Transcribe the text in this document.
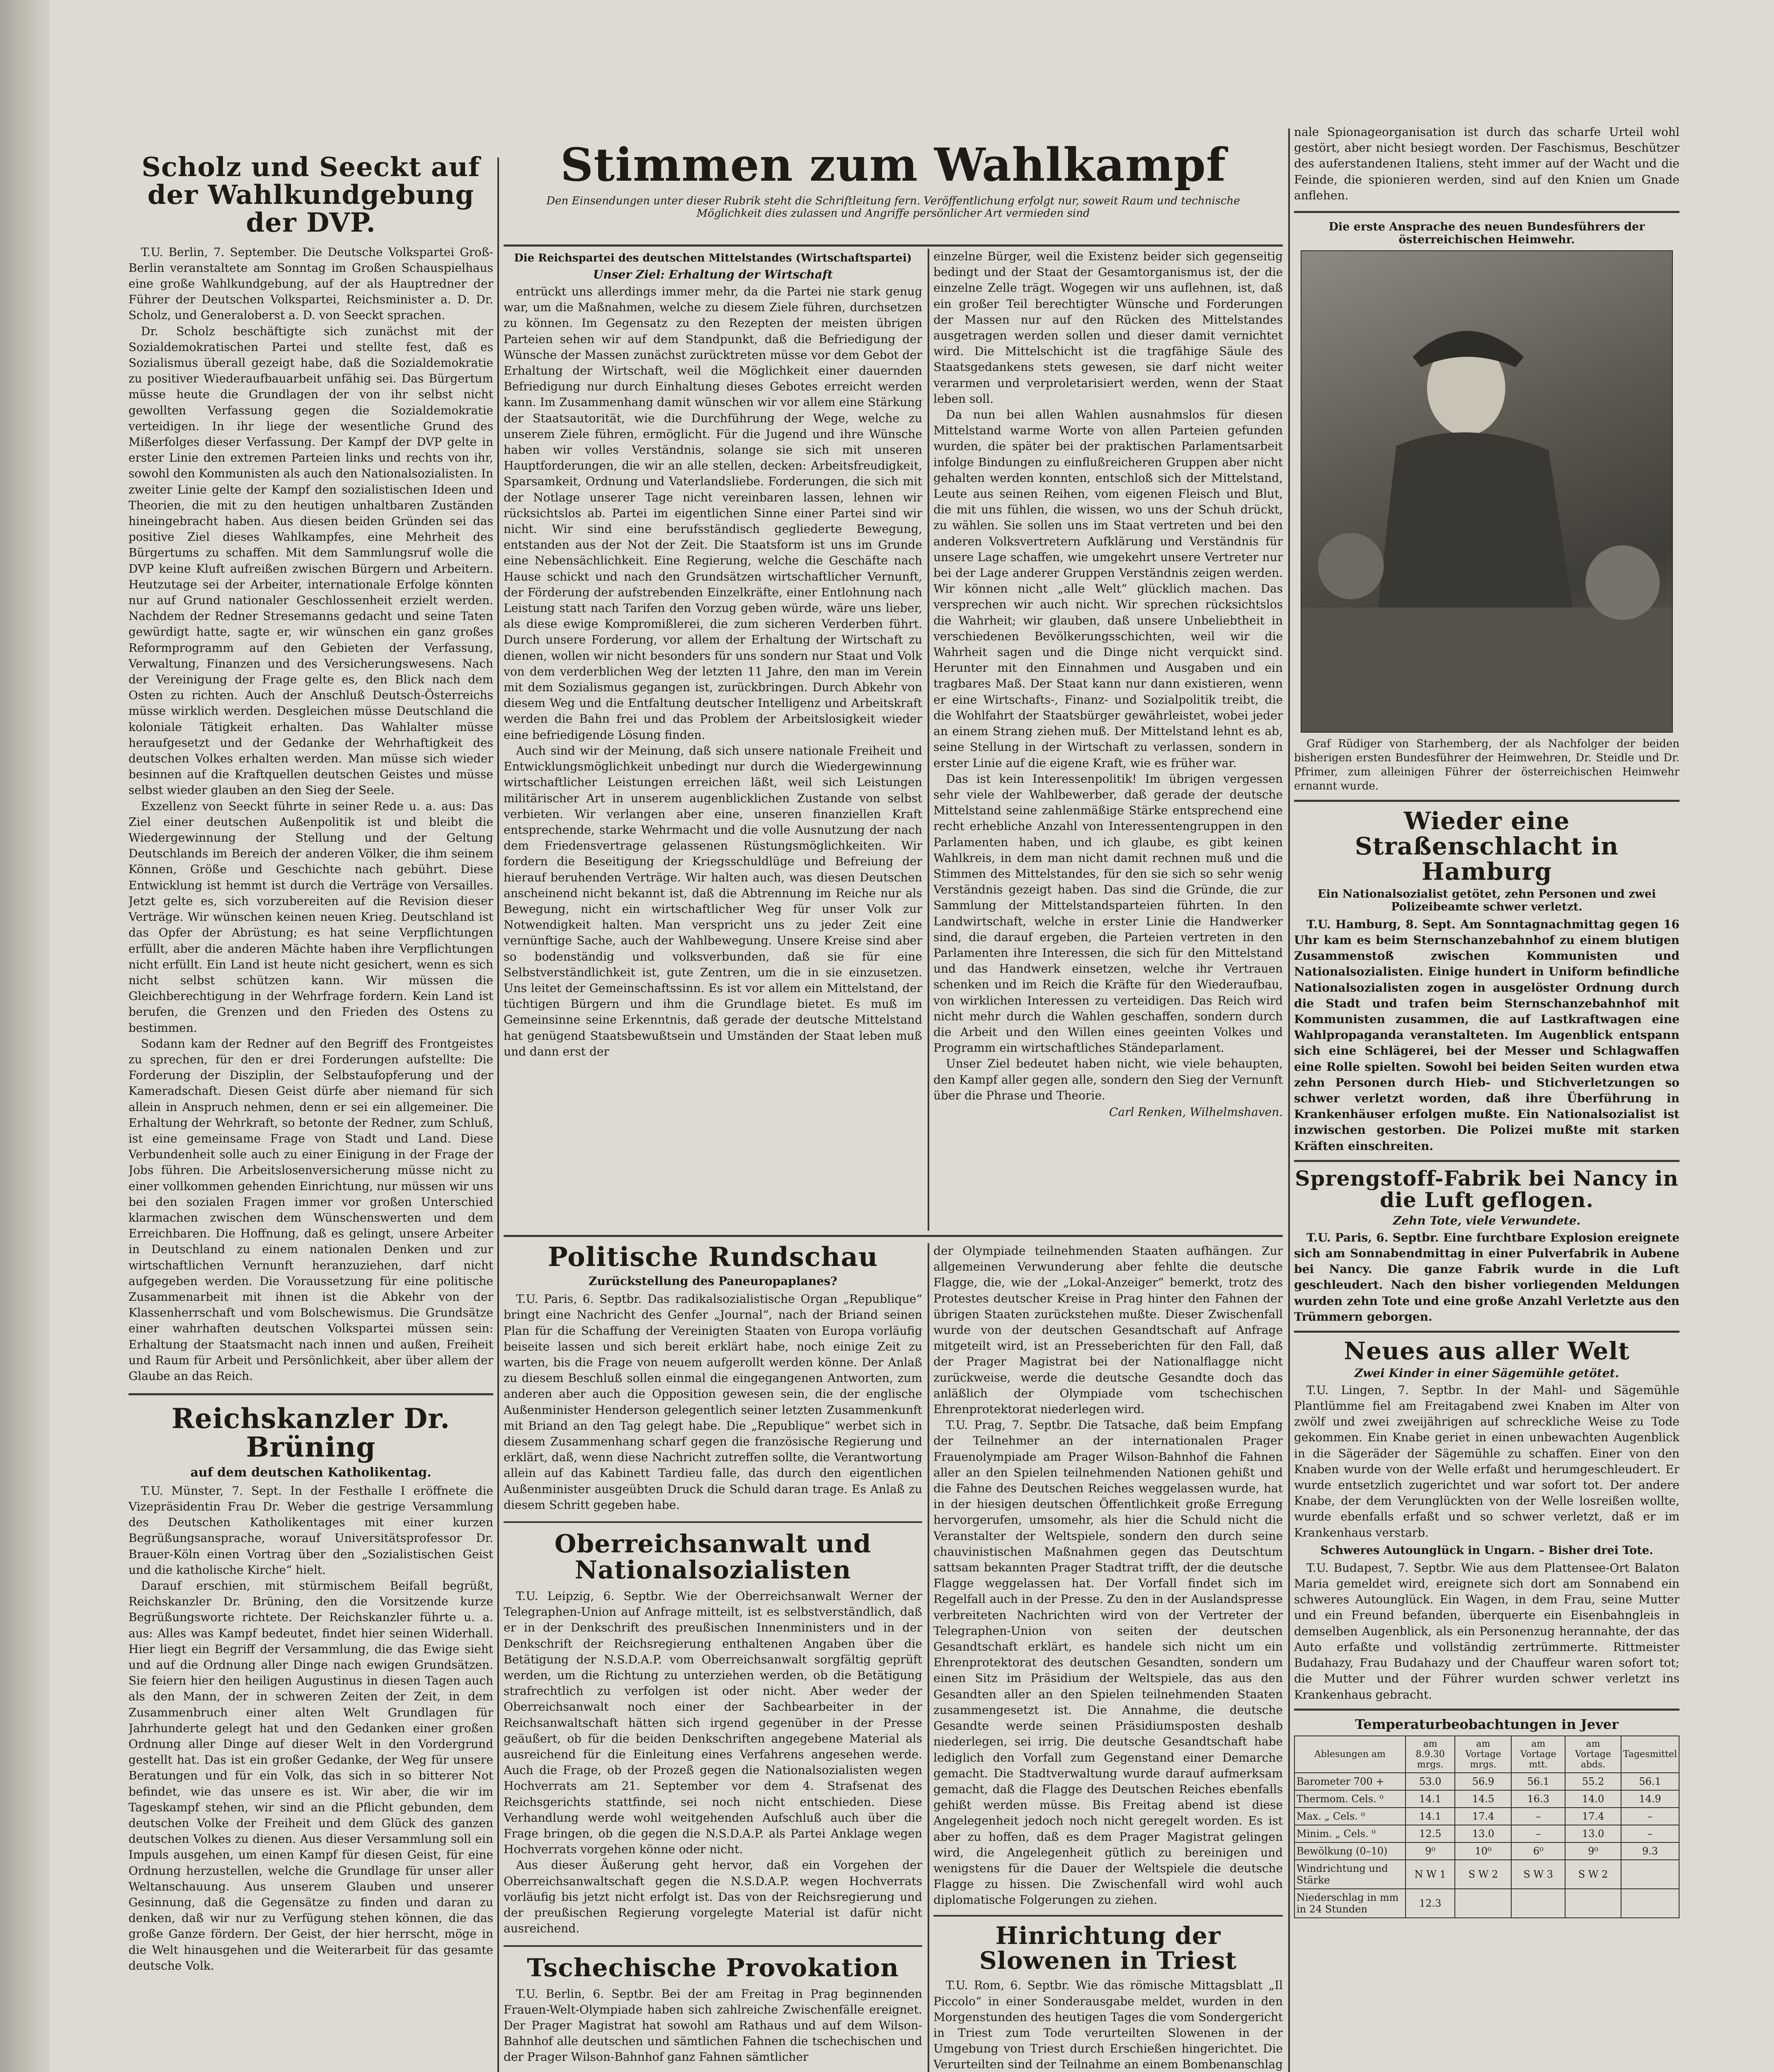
Scholz und Seeckt auf der Wahlkundgebung der DVP.

T.U. Berlin, 7. September. Die Deutsche Volkspartei Groß-Berlin veranstaltete am Sonntag im Großen Schauspielhaus eine große Wahlkundgebung, auf der als Hauptredner der Führer der Deutschen Volkspartei, Reichsminister a. D. Dr. Scholz, und Generaloberst a. D. von Seeckt sprachen.

Dr. Scholz beschäftigte sich zunächst mit der Sozialdemokratischen Partei und stellte fest, daß es Sozialismus überall gezeigt habe, daß die Sozialdemokratie zu positiver Wiederaufbauarbeit unfähig sei. Das Bürgertum müsse heute die Grundlagen der von ihr selbst nicht gewollten Verfassung gegen die Sozialdemokratie verteidigen. In ihr liege der wesentliche Grund des Mißerfolges dieser Verfassung. Der Kampf der DVP gelte in erster Linie den extremen Parteien links und rechts von ihr, sowohl den Kommunisten als auch den Nationalsozialisten. In zweiter Linie gelte der Kampf den sozialistischen Ideen und Theorien, die mit zu den heutigen unhaltbaren Zuständen hineingebracht haben. Aus diesen beiden Gründen sei das positive Ziel dieses Wahlkampfes, eine Mehrheit des Bürgertums zu schaffen. Mit dem Sammlungsruf wolle die DVP keine Kluft aufreißen zwischen Bürgern und Arbeitern. Heutzutage sei der Arbeiter, internationale Erfolge könnten nur auf Grund nationaler Geschlossenheit erzielt werden. Nachdem der Redner Stresemanns gedacht und seine Taten gewürdigt hatte, sagte er, wir wünschen ein ganz großes Reformprogramm auf den Gebieten der Verfassung, Verwaltung, Finanzen und des Versicherungswesens. Nach der Vereinigung der Frage gelte es, den Blick nach dem Osten zu richten. Auch der Anschluß Deutsch-Österreichs müsse wirklich werden. Desgleichen müsse Deutschland die koloniale Tätigkeit erhalten. Das Wahlalter müsse heraufgesetzt und der Gedanke der Wehrhaftigkeit des deutschen Volkes erhalten werden. Man müsse sich wieder besinnen auf die Kraftquellen deutschen Geistes und müsse selbst wieder glauben an den Sieg der Seele.

Exzellenz von Seeckt führte in seiner Rede u. a. aus: Das Ziel einer deutschen Außenpolitik ist und bleibt die Wiedergewinnung der Stellung und der Geltung Deutschlands im Bereich der anderen Völker, die ihm seinem Können, Größe und Geschichte nach gebührt. Diese Entwicklung ist hemmt ist durch die Verträge von Versailles. Jetzt gelte es, sich vorzubereiten auf die Revision dieser Verträge. Wir wünschen keinen neuen Krieg. Deutschland ist das Opfer der Abrüstung; es hat seine Verpflichtungen erfüllt, aber die anderen Mächte haben ihre Verpflichtungen nicht erfüllt. Ein Land ist heute nicht gesichert, wenn es sich nicht selbst schützen kann. Wir müssen die Gleichberechtigung in der Wehrfrage fordern. Kein Land ist berufen, die Grenzen und den Frieden des Ostens zu bestimmen.

Sodann kam der Redner auf den Begriff des Frontgeistes zu sprechen, für den er drei Forderungen aufstellte: Die Forderung der Disziplin, der Selbstaufopferung und der Kameradschaft. Diesen Geist dürfe aber niemand für sich allein in Anspruch nehmen, denn er sei ein allgemeiner. Die Erhaltung der Wehrkraft, so betonte der Redner, zum Schluß, ist eine gemeinsame Frage von Stadt und Land. Diese Verbundenheit solle auch zu einer Einigung in der Frage der Jobs führen. Die Arbeitslosenversicherung müsse nicht zu einer vollkommen gehenden Einrichtung, nur müssen wir uns bei den sozialen Fragen immer vor großen Unterschied klarmachen zwischen dem Wünschenswerten und dem Erreichbaren. Die Hoffnung, daß es gelingt, unsere Arbeiter in Deutschland zu einem nationalen Denken und zur wirtschaftlichen Vernunft heranzuziehen, darf nicht aufgegeben werden. Die Voraussetzung für eine politische Zusammenarbeit mit ihnen ist die Abkehr von der Klassenherrschaft und vom Bolschewismus. Die Grundsätze einer wahrhaften deutschen Volkspartei müssen sein: Erhaltung der Staatsmacht nach innen und außen, Freiheit und Raum für Arbeit und Persönlichkeit, aber über allem der Glaube an das Reich.

Reichskanzler Dr. Brüning
auf dem deutschen Katholikentag.

T.U. Münster, 7. Sept. In der Festhalle I eröffnete die Vizepräsidentin Frau Dr. Weber die gestrige Versammlung des Deutschen Katholikentages mit einer kurzen Begrüßungsansprache, worauf Universitätsprofessor Dr. Brauer-Köln einen Vortrag über den „Sozialistischen Geist und die katholische Kirche“ hielt.

Darauf erschien, mit stürmischem Beifall begrüßt, Reichskanzler Dr. Brüning, den die Vorsitzende kurze Begrüßungsworte richtete. Der Reichskanzler führte u. a. aus: Alles was Kampf bedeutet, findet hier seinen Widerhall. Hier liegt ein Begriff der Versammlung, die das Ewige sieht und auf die Ordnung aller Dinge nach ewigen Grundsätzen. Sie feiern hier den heiligen Augustinus in diesen Tagen auch als den Mann, der in schweren Zeiten der Zeit, in dem Zusammenbruch einer alten Welt Grundlagen für Jahrhunderte gelegt hat und den Gedanken einer großen Ordnung aller Dinge auf dieser Welt in den Vordergrund gestellt hat. Das ist ein großer Gedanke, der Weg für unsere Beratungen und für ein Volk, das sich in so bitterer Not befindet, wie das unsere es ist. Wir aber, die wir im Tageskampf stehen, wir sind an die Pflicht gebunden, dem deutschen Volke der Freiheit und dem Glück des ganzen deutschen Volkes zu dienen. Aus dieser Versammlung soll ein Impuls ausgehen, um einen Kampf für diesen Geist, für eine Ordnung herzustellen, welche die Grundlage für unser aller Weltanschauung. Aus unserem Glauben und unserer Gesinnung, daß die Gegensätze zu finden und daran zu denken, daß wir nur zu Verfügung stehen können, die das große Ganze fördern. Der Geist, der hier herrscht, möge in die Welt hinausgehen und die Weiterarbeit für das gesamte deutsche Volk.

Stimmen zum Wahlkampf
Den Einsendungen unter dieser Rubrik steht die Schriftleitung fern. Veröffentlichung erfolgt nur, soweit Raum und technische Möglichkeit dies zulassen und Angriffe persönlicher Art vermieden sind
Die Reichspartei des deutschen Mittelstandes (Wirtschaftspartei)
Unser Ziel: Erhaltung der Wirtschaft

entrückt uns allerdings immer mehr, da die Partei nie stark genug war, um die Maßnahmen, welche zu diesem Ziele führen, durchsetzen zu können. Im Gegensatz zu den Rezepten der meisten übrigen Parteien sehen wir auf dem Standpunkt, daß die Befriedigung der Wünsche der Massen zunächst zurücktreten müsse vor dem Gebot der Erhaltung der Wirtschaft, weil die Möglichkeit einer dauernden Befriedigung nur durch Einhaltung dieses Gebotes erreicht werden kann. Im Zusammenhang damit wünschen wir vor allem eine Stärkung der Staatsautorität, wie die Durchführung der Wege, welche zu unserem Ziele führen, ermöglicht. Für die Jugend und ihre Wünsche haben wir volles Verständnis, solange sie sich mit unseren Hauptforderungen, die wir an alle stellen, decken: Arbeitsfreudigkeit, Sparsamkeit, Ordnung und Vaterlandsliebe. Forderungen, die sich mit der Notlage unserer Tage nicht vereinbaren lassen, lehnen wir rücksichtslos ab. Partei im eigentlichen Sinne einer Partei sind wir nicht. Wir sind eine berufsständisch gegliederte Bewegung, entstanden aus der Not der Zeit. Die Staatsform ist uns im Grunde eine Nebensächlichkeit. Eine Regierung, welche die Geschäfte nach Hause schickt und nach den Grundsätzen wirtschaftlicher Vernunft, der Förderung der aufstrebenden Einzelkräfte, einer Entlohnung nach Leistung statt nach Tarifen den Vorzug geben würde, wäre uns lieber, als diese ewige Kompromißlerei, die zum sicheren Verderben führt. Durch unsere Forderung, vor allem der Erhaltung der Wirtschaft zu dienen, wollen wir nicht besonders für uns sondern nur Staat und Volk von dem verderblichen Weg der letzten 11 Jahre, den man im Verein mit dem Sozialismus gegangen ist, zurückbringen. Durch Abkehr von diesem Weg und die Entfaltung deutscher Intelligenz und Arbeitskraft werden die Bahn frei und das Problem der Arbeitslosigkeit wieder eine befriedigende Lösung finden.

Auch sind wir der Meinung, daß sich unsere nationale Freiheit und Entwicklungsmöglichkeit unbedingt nur durch die Wiedergewinnung wirtschaftlicher Leistungen erreichen läßt, weil sich Leistungen militärischer Art in unserem augenblicklichen Zustande von selbst verbieten. Wir verlangen aber eine, unseren finanziellen Kraft entsprechende, starke Wehrmacht und die volle Ausnutzung der nach dem Friedensvertrage gelassenen Rüstungsmöglichkeiten. Wir fordern die Beseitigung der Kriegsschuldlüge und Befreiung der hierauf beruhenden Verträge. Wir halten auch, was diesen Deutschen anscheinend nicht bekannt ist, daß die Abtrennung im Reiche nur als Bewegung, nicht ein wirtschaftlicher Weg für unser Volk zur Notwendigkeit halten. Man verspricht uns zu jeder Zeit eine vernünftige Sache, auch der Wahlbewegung. Unsere Kreise sind aber so bodenständig und volksverbunden, daß sie für eine Selbstverständlichkeit ist, gute Zentren, um die in sie einzusetzen. Uns leitet der Gemeinschaftssinn. Es ist vor allem ein Mittelstand, der tüchtigen Bürgern und ihm die Grundlage bietet. Es muß im Gemeinsinne seine Erkenntnis, daß gerade der deutsche Mittelstand hat genügend Staatsbewußtsein und Umständen der Staat leben muß und dann erst der

einzelne Bürger, weil die Existenz beider sich gegenseitig bedingt und der Staat der Gesamtorganismus ist, der die einzelne Zelle trägt. Wogegen wir uns auflehnen, ist, daß ein großer Teil berechtigter Wünsche und Forderungen der Massen nur auf den Rücken des Mittelstandes ausgetragen werden sollen und dieser damit vernichtet wird. Die Mittelschicht ist die tragfähige Säule des Staatsgedankens stets gewesen, sie darf nicht weiter verarmen und verproletarisiert werden, wenn der Staat leben soll.

Da nun bei allen Wahlen ausnahmslos für diesen Mittelstand warme Worte von allen Parteien gefunden wurden, die später bei der praktischen Parlamentsarbeit infolge Bindungen zu einflußreicheren Gruppen aber nicht gehalten werden konnten, entschloß sich der Mittelstand, Leute aus seinen Reihen, vom eigenen Fleisch und Blut, die mit uns fühlen, die wissen, wo uns der Schuh drückt, zu wählen. Sie sollen uns im Staat vertreten und bei den anderen Volksvertretern Aufklärung und Verständnis für unsere Lage schaffen, wie umgekehrt unsere Vertreter nur bei der Lage anderer Gruppen Verständnis zeigen werden. Wir können nicht „alle Welt“ glücklich machen. Das versprechen wir auch nicht. Wir sprechen rücksichtslos die Wahrheit; wir glauben, daß unsere Unbeliebtheit in verschiedenen Bevölkerungsschichten, weil wir die Wahrheit sagen und die Dinge nicht verquickt sind. Herunter mit den Einnahmen und Ausgaben und ein tragbares Maß. Der Staat kann nur dann existieren, wenn er eine Wirtschafts-, Finanz- und Sozialpolitik treibt, die die Wohlfahrt der Staatsbürger gewährleistet, wobei jeder an einem Strang ziehen muß. Der Mittelstand lehnt es ab, seine Stellung in der Wirtschaft zu verlassen, sondern in erster Linie auf die eigene Kraft, wie es früher war.

Das ist kein Interessenpolitik! Im übrigen vergessen sehr viele der Wahlbewerber, daß gerade der deutsche Mittelstand seine zahlenmäßige Stärke entsprechend eine recht erhebliche Anzahl von Interessentengruppen in den Parlamenten haben, und ich glaube, es gibt keinen Wahlkreis, in dem man nicht damit rechnen muß und die Stimmen des Mittelstandes, für den sie sich so sehr wenig Verständnis gezeigt haben. Das sind die Gründe, die zur Sammlung der Mittelstandsparteien führten. In den Landwirtschaft, welche in erster Linie die Handwerker sind, die darauf ergeben, die Parteien vertreten in den Parlamenten ihre Interessen, die sich für den Mittelstand und das Handwerk einsetzen, welche ihr Vertrauen schenken und im Reich die Kräfte für den Wiederaufbau, von wirklichen Interessen zu verteidigen. Das Reich wird nicht mehr durch die Wahlen geschaffen, sondern durch die Arbeit und den Willen eines geeinten Volkes und Programm ein wirtschaftliches Ständeparlament.

Unser Ziel bedeutet haben nicht, wie viele behaupten, den Kampf aller gegen alle, sondern den Sieg der Vernunft über die Phrase und Theorie.

Carl Renken, Wilhelmshaven.
Politische Rundschau
Zurückstellung des Paneuropaplanes?

T.U. Paris, 6. Septbr. Das radikalsozialistische Organ „Republique“ bringt eine Nachricht des Genfer „Journal“, nach der Briand seinen Plan für die Schaffung der Vereinigten Staaten von Europa vorläufig beiseite lassen und sich bereit erklärt habe, noch einige Zeit zu warten, bis die Frage von neuem aufgerollt werden könne. Der Anlaß zu diesem Beschluß sollen einmal die eingegangenen Antworten, zum anderen aber auch die Opposition gewesen sein, die der englische Außenminister Henderson gelegentlich seiner letzten Zusammenkunft mit Briand an den Tag gelegt habe. Die „Republique“ werbet sich in diesem Zusammenhang scharf gegen die französische Regierung und erklärt, daß, wenn diese Nachricht zutreffen sollte, die Verantwortung allein auf das Kabinett Tardieu falle, das durch den eigentlichen Außenminister ausgeübten Druck die Schuld daran trage. Es Anlaß zu diesem Schritt gegeben habe.

Oberreichsanwalt und Nationalsozialisten

T.U. Leipzig, 6. Septbr. Wie der Oberreichsanwalt Werner der Telegraphen-Union auf Anfrage mitteilt, ist es selbstverständlich, daß er in der Denkschrift des preußischen Innenministers und in der Denkschrift der Reichsregierung enthaltenen Angaben über die Betätigung der N.S.D.A.P. vom Oberreichsanwalt sorgfältig geprüft werden, um die Richtung zu unterziehen werden, ob die Betätigung strafrechtlich zu verfolgen ist oder nicht. Aber weder der Oberreichsanwalt noch einer der Sachbearbeiter in der Reichsanwaltschaft hätten sich irgend gegenüber in der Presse geäußert, ob für die beiden Denkschriften angegebene Material als ausreichend für die Einleitung eines Verfahrens angesehen werde. Auch die Frage, ob der Prozeß gegen die Nationalsozialisten wegen Hochverrats am 21. September vor dem 4. Strafsenat des Reichsgerichts stattfinde, sei noch nicht entschieden. Diese Verhandlung werde wohl weitgehenden Aufschluß auch über die Frage bringen, ob die gegen die N.S.D.A.P. als Partei Anklage wegen Hochverrats vorgehen könne oder nicht.

Aus dieser Äußerung geht hervor, daß ein Vorgehen der Oberreichsanwaltschaft gegen die N.S.D.A.P. wegen Hochverrats vorläufig bis jetzt nicht erfolgt ist. Das von der Reichsregierung und der preußischen Regierung vorgelegte Material ist dafür nicht ausreichend.

Tschechische Provokation

T.U. Berlin, 6. Septbr. Bei der am Freitag in Prag beginnenden Frauen-Welt-Olympiade haben sich zahlreiche Zwischenfälle ereignet. Der Prager Magistrat hat sowohl am Rathaus und auf dem Wilson-Bahnhof alle deutschen und sämtlichen Fahnen die tschechischen und der Prager Wilson-Bahnhof ganz Fahnen sämtlicher

der Olympiade teilnehmenden Staaten aufhängen. Zur allgemeinen Verwunderung aber fehlte die deutsche Flagge, die, wie der „Lokal-Anzeiger“ bemerkt, trotz des Protestes deutscher Kreise in Prag hinter den Fahnen der übrigen Staaten zurückstehen mußte. Dieser Zwischenfall wurde von der deutschen Gesandtschaft auf Anfrage mitgeteilt wird, ist an Presseberichten für den Fall, daß der Prager Magistrat bei der Nationalflagge nicht zurückweise, werde die deutsche Gesandte doch das anläßlich der Olympiade vom tschechischen Ehrenprotektorat niederlegen wird.

T.U. Prag, 7. Septbr. Die Tatsache, daß beim Empfang der Teilnehmer an der internationalen Prager Frauenolympiade am Prager Wilson-Bahnhof die Fahnen aller an den Spielen teilnehmenden Nationen gehißt und die Fahne des Deutschen Reiches weggelassen wurde, hat in der hiesigen deutschen Öffentlichkeit große Erregung hervorgerufen, umsomehr, als hier die Schuld nicht die Veranstalter der Weltspiele, sondern den durch seine chauvinistischen Maßnahmen gegen das Deutschtum sattsam bekannten Prager Stadtrat trifft, der die deutsche Flagge weggelassen hat. Der Vorfall findet sich im Regelfall auch in der Presse. Zu den in der Auslandspresse verbreiteten Nachrichten wird von der Vertreter der Telegraphen-Union von seiten der deutschen Gesandtschaft erklärt, es handele sich nicht um ein Ehrenprotektorat des deutschen Gesandten, sondern um einen Sitz im Präsidium der Weltspiele, das aus den Gesandten aller an den Spielen teilnehmenden Staaten zusammengesetzt ist. Die Annahme, die deutsche Gesandte werde seinen Präsidiumsposten deshalb niederlegen, sei irrig. Die deutsche Gesandtschaft habe lediglich den Vorfall zum Gegenstand einer Demarche gemacht. Die Stadtverwaltung wurde darauf aufmerksam gemacht, daß die Flagge des Deutschen Reiches ebenfalls gehißt werden müsse. Bis Freitag abend ist diese Angelegenheit jedoch noch nicht geregelt worden. Es ist aber zu hoffen, daß es dem Prager Magistrat gelingen wird, die Angelegenheit gütlich zu bereinigen und wenigstens für die Dauer der Weltspiele die deutsche Flagge zu hissen. Die Zwischenfall wird wohl auch diplomatische Folgerungen zu ziehen.

Hinrichtung der Slowenen in Triest

T.U. Rom, 6. Septbr. Wie das römische Mittagsblatt „Il Piccolo“ in einer Sonderausgabe meldet, wurden in den Morgenstunden des heutigen Tages die vom Sondergericht in Triest zum Tode verurteilten Slowenen in der Umgebung von Triest durch Erschießen hingerichtet. Die Verurteilten sind der Teilnahme an einem Bombenanschlag

nale Spionageorganisation ist durch das scharfe Urteil wohl gestört, aber nicht besiegt worden. Der Faschismus, Beschützer des auferstandenen Italiens, steht immer auf der Wacht und die Feinde, die spionieren werden, sind auf den Knien um Gnade anflehen.

Die erste Ansprache des neuen Bundesführers der österreichischen Heimwehr.

Graf Rüdiger von Starhemberg, der als Nachfolger der beiden bisherigen ersten Bundesführer der Heimwehren, Dr. Steidle und Dr. Pfrimer, zum alleinigen Führer der österreichischen Heimwehr ernannt wurde.

Wieder eine Straßenschlacht in Hamburg
Ein Nationalsozialist getötet, zehn Personen und zwei Polizeibeamte schwer verletzt.

T.U. Hamburg, 8. Sept. Am Sonntagnachmittag gegen 16 Uhr kam es beim Sternschanzebahnhof zu einem blutigen Zusammenstoß zwischen Kommunisten und Nationalsozialisten. Einige hundert in Uniform befindliche Nationalsozialisten zogen in ausgelöster Ordnung durch die Stadt und trafen beim Sternschanzebahnhof mit Kommunisten zusammen, die auf Lastkraftwagen eine Wahlpropaganda veranstalteten. Im Augenblick entspann sich eine Schlägerei, bei der Messer und Schlagwaffen eine Rolle spielten. Sowohl bei beiden Seiten wurden etwa zehn Personen durch Hieb- und Stichverletzungen so schwer verletzt worden, daß ihre Überführung in Krankenhäuser erfolgen mußte. Ein Nationalsozialist ist inzwischen gestorben. Die Polizei mußte mit starken Kräften einschreiten.

Sprengstoff-Fabrik bei Nancy in die Luft geflogen.
Zehn Tote, viele Verwundete.

T.U. Paris, 6. Septbr. Eine furchtbare Explosion ereignete sich am Sonnabendmittag in einer Pulverfabrik in Aubene bei Nancy. Die ganze Fabrik wurde in die Luft geschleudert. Nach den bisher vorliegenden Meldungen wurden zehn Tote und eine große Anzahl Verletzte aus den Trümmern geborgen.

Neues aus aller Welt
Zwei Kinder in einer Sägemühle getötet.

T.U. Lingen, 7. Septbr. In der Mahl- und Sägemühle Plantlümme fiel am Freitagabend zwei Knaben im Alter von zwölf und zwei zweijährigen auf schreckliche Weise zu Tode gekommen. Ein Knabe geriet in einen unbewachten Augenblick in die Sägeräder der Sägemühle zu schaffen. Einer von den Knaben wurde von der Welle erfaßt und herumgeschleudert. Er wurde entsetzlich zugerichtet und war sofort tot. Der andere Knabe, der dem Verunglückten von der Welle losreißen wollte, wurde ebenfalls erfaßt und so schwer verletzt, daß er im Krankenhaus verstarb.

Schweres Autounglück in Ungarn. – Bisher drei Tote.

T.U. Budapest, 7. Septbr. Wie aus dem Plattensee-Ort Balaton Maria gemeldet wird, ereignete sich dort am Sonnabend ein schweres Autounglück. Ein Wagen, in dem Frau, seine Mutter und ein Freund befanden, überquerte ein Eisenbahngleis in demselben Augenblick, als ein Personenzug herannahte, der das Auto erfaßte und vollständig zertrümmerte. Rittmeister Budahazy, Frau Budahazy und der Chauffeur waren sofort tot; die Mutter und der Führer wurden schwer verletzt ins Krankenhaus gebracht.

Temperaturbeobachtungen in Jever
Ablesungen am	am 8.9.30 mrgs.	am Vortage mrgs.	am Vortage mtt.	am Vortage abds.	Tagesmittel
Barometer 700 +	53.0	56.9	56.1	55.2	56.1
Thermom. Cels. ⁰	14.1	14.5	16.3	14.0	14.9
Max. „ Cels. ⁰	14.1	17.4	–	17.4	–
Minim. „ Cels. ⁰	12.5	13.0	–	13.0	–
Bewölkung (0–10)	9⁰	10⁰	6⁰	9⁰	9.3
Windrichtung und Stärke	N W 1	S W 2	S W 3	S W 2	
Niederschlag in mm in 24 Stunden	12.3				
